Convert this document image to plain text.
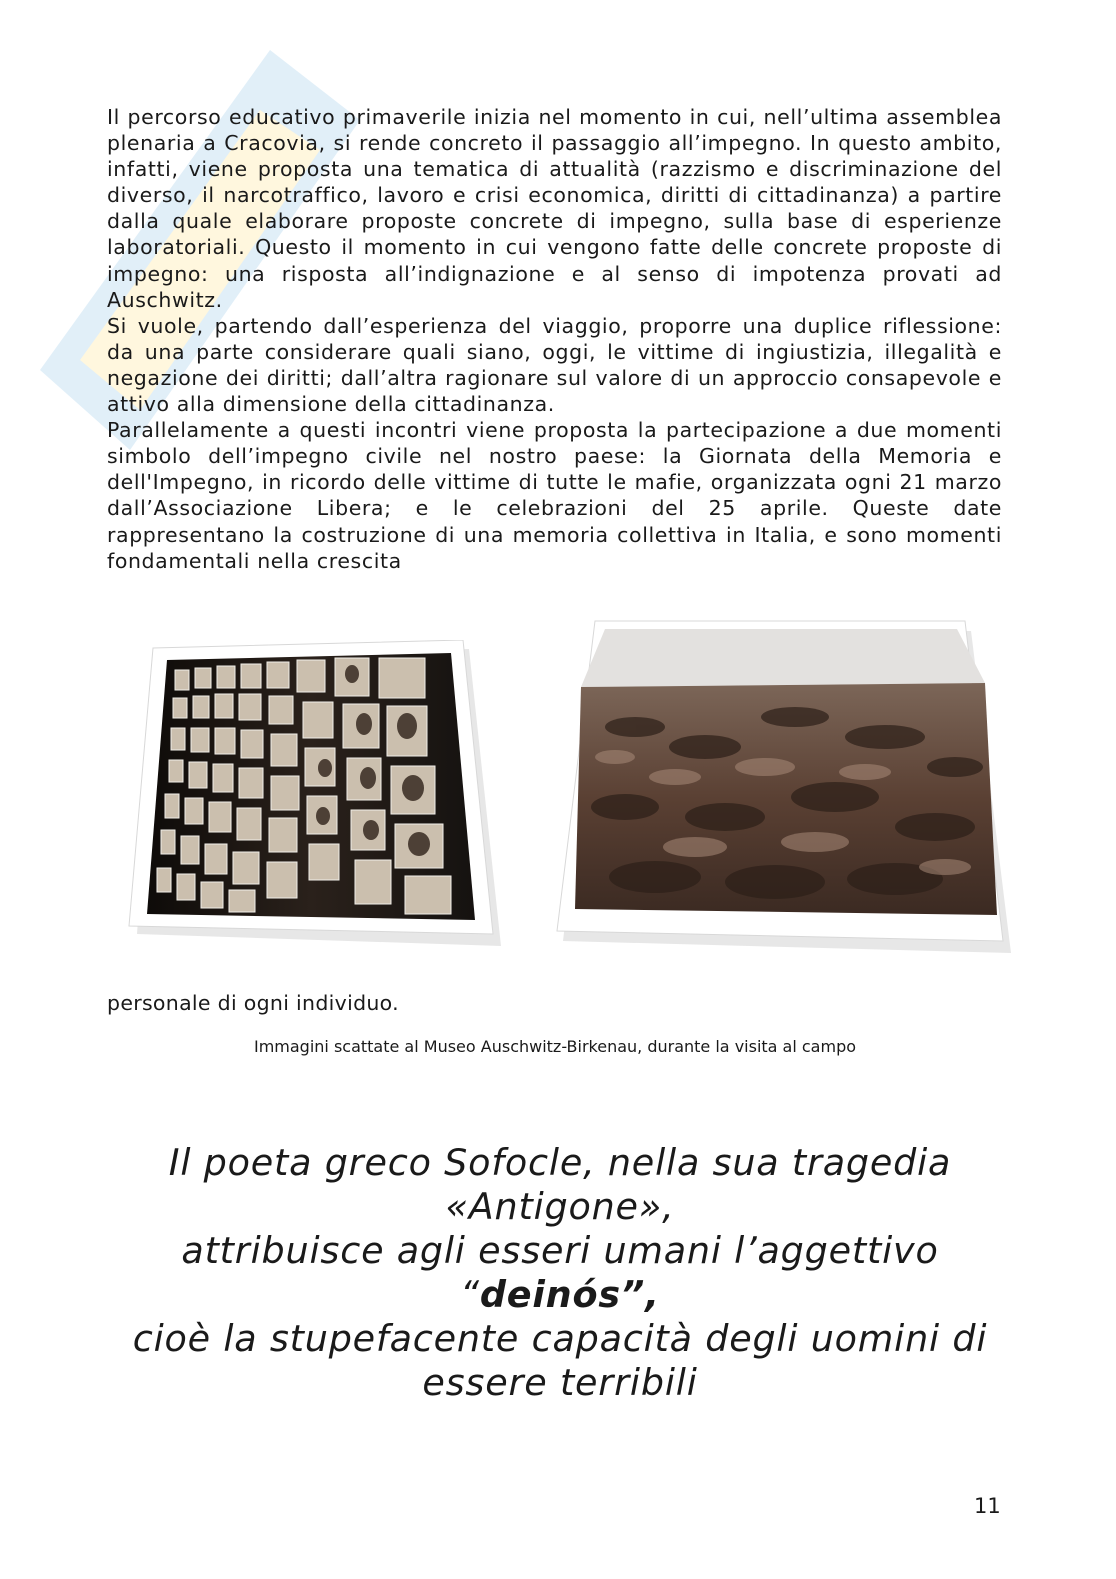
Il percorso educativo primaverile inizia nel momento in cui, nell’ultima assemblea plenaria a Cracovia, si rende concreto il passaggio all’impegno. In questo ambito, infatti, viene proposta una tematica di attualità (razzismo e discriminazione del diverso, il narcotraffico, lavoro e crisi economica, diritti di cittadinanza) a partire dalla quale elaborare proposte concrete di impegno, sulla base di esperienze laboratoriali. Questo il momento in cui vengono fatte delle concrete proposte di impegno: una risposta all’indignazione e al senso di impotenza provati ad Auschwitz.

Si vuole, partendo dall’esperienza del viaggio, proporre una duplice riflessione: da una parte considerare quali siano, oggi, le vittime di ingiustizia, illegalità e negazione dei diritti; dall’altra ragionare sul valore di un approccio consapevole e attivo alla dimensione della cittadinanza.

Parallelamente a questi incontri viene proposta la partecipazione a due momenti simbolo dell’impegno civile nel nostro paese: la Giornata della Memoria e dell'Impegno, in ricordo delle vittime di tutte le mafie, organizzata ogni 21 marzo dall’Associazione Libera; e le celebrazioni del 25 aprile. Queste date rappresentano la costruzione di una memoria collettiva in Italia, e sono momenti fondamentali nella crescita

personale di ogni individuo.

Immagini scattate al Museo Auschwitz-Birkenau, durante la visita al campo

Il poeta greco Sofocle, nella sua tragedia
«Antigone»,
attribuisce agli esseri umani l’aggettivo
“deinós”,
cioè la stupefacente capacità degli uomini di
essere terribili

11
